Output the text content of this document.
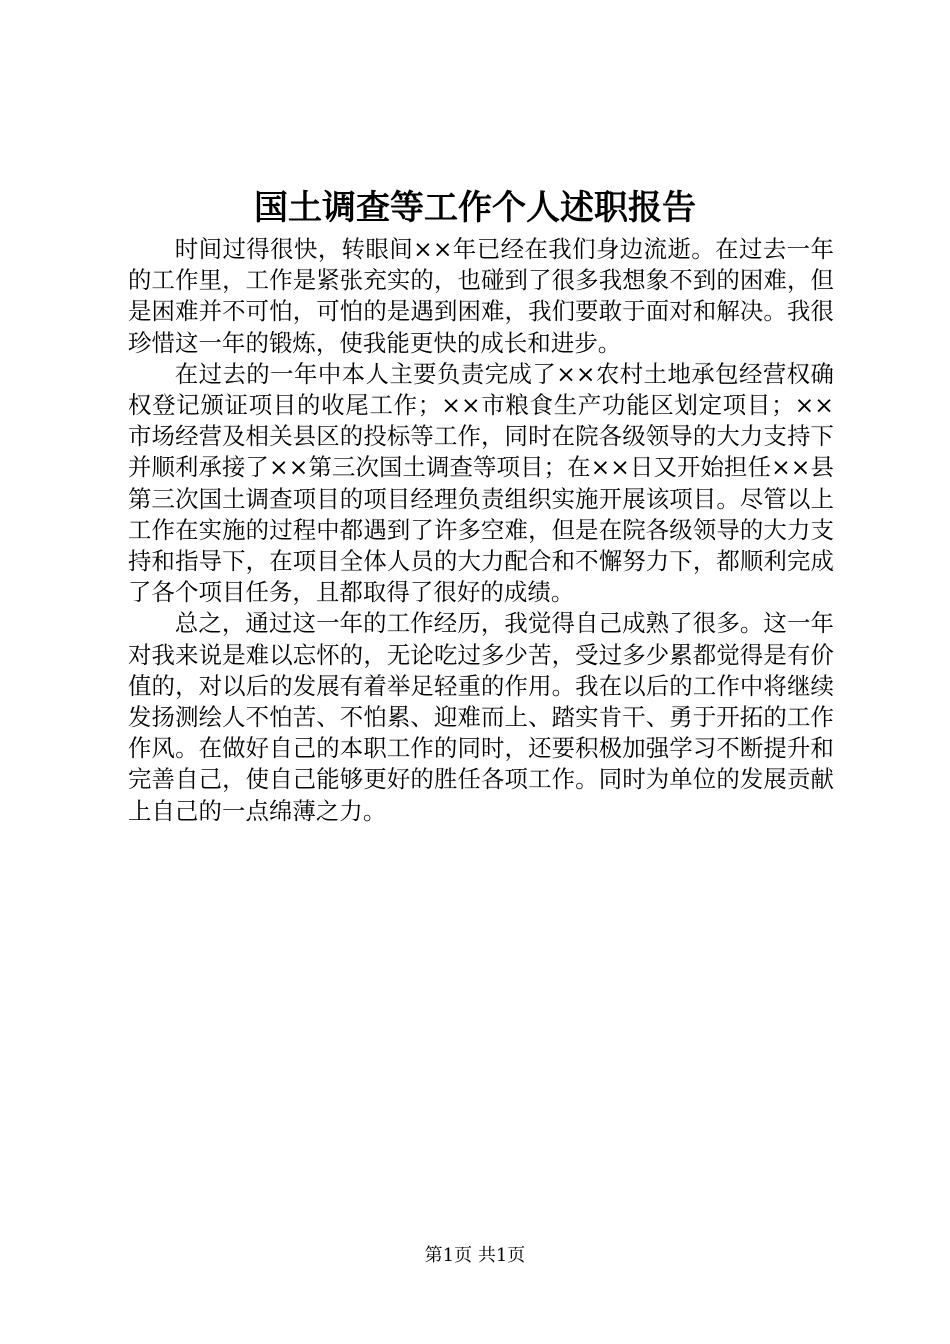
国土调查等工作个人述职报告

时间过得很快，转眼间××年已经在我们身边流逝。在过去一年的工作里，工作是紧张充实的，也碰到了很多我想象不到的困难，但是困难并不可怕，可怕的是遇到困难，我们要敢于面对和解决。我很珍惜这一年的锻炼，使我能更快的成长和进步。

在过去的一年中本人主要负责完成了××农村土地承包经营权确权登记颁证项目的收尾工作；××市粮食生产功能区划定项目；××市场经营及相关县区的投标等工作，同时在院各级领导的大力支持下并顺利承接了××第三次国土调查等项目；在××日又开始担任××县第三次国土调查项目的项目经理负责组织实施开展该项目。尽管以上工作在实施的过程中都遇到了许多空难，但是在院各级领导的大力支持和指导下，在项目全体人员的大力配合和不懈努力下，都顺利完成了各个项目任务，且都取得了很好的成绩。

总之，通过这一年的工作经历，我觉得自己成熟了很多。这一年对我来说是难以忘怀的，无论吃过多少苦，受过多少累都觉得是有价值的，对以后的发展有着举足轻重的作用。我在以后的工作中将继续发扬测绘人不怕苦、不怕累、迎难而上、踏实肯干、勇于开拓的工作作风。在做好自己的本职工作的同时，还要积极加强学习不断提升和完善自己，使自己能够更好的胜任各项工作。同时为单位的发展贡献上自己的一点绵薄之力。

第1页 共1页
